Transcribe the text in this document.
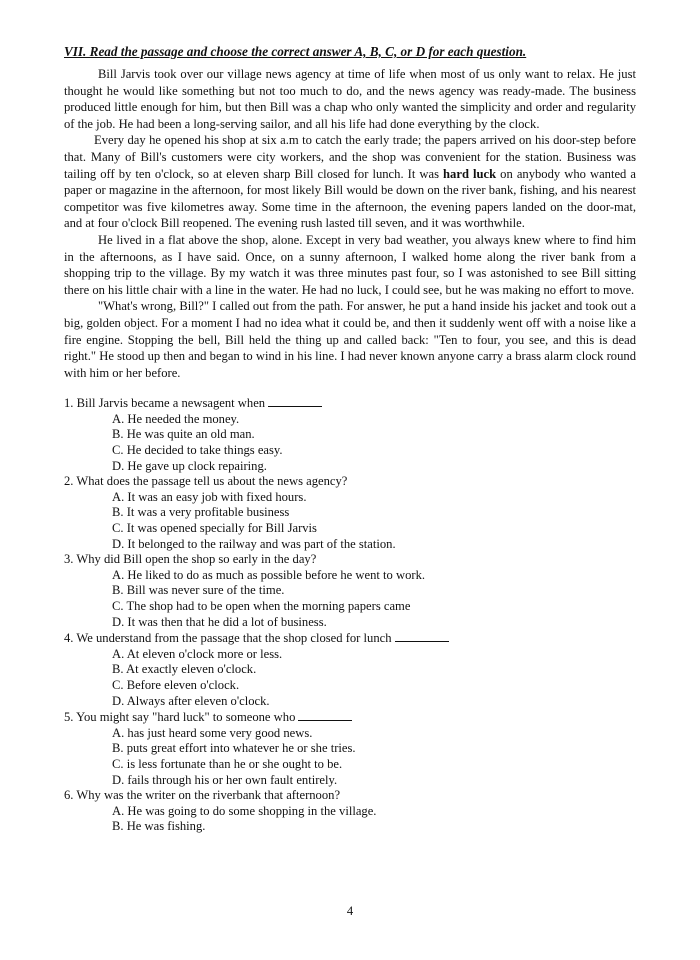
VII. Read the passage and choose the correct answer A, B, C, or D for each question.

Bill Jarvis took over our village news agency at time of life when most of us only want to relax. He just thought he would like something but not too much to do, and the news agency was ready-made. The business produced little enough for him, but then Bill was a chap who only wanted the simplicity and order and regularity of the job. He had been a long-serving sailor, and all his life had done everything by the clock.

Every day he opened his shop at six a.m to catch the early trade; the papers arrived on his door-step before that. Many of Bill's customers were city workers, and the shop was convenient for the station. Business was tailing off by ten o'clock, so at eleven sharp Bill closed for lunch. It was hard luck on anybody who wanted a paper or magazine in the afternoon, for most likely Bill would be down on the river bank, fishing, and his nearest competitor was five kilometres away. Some time in the afternoon, the evening papers landed on the door-mat, and at four o'clock Bill reopened. The evening rush lasted till seven, and it was worthwhile.

He lived in a flat above the shop, alone. Except in very bad weather, you always knew where to find him in the afternoons, as I have said. Once, on a sunny afternoon, I walked home along the river bank from a shopping trip to the village. By my watch it was three minutes past four, so I was astonished to see Bill sitting there on his little chair with a line in the water. He had no luck, I could see, but he was making no effort to move.

"What's wrong, Bill?" I called out from the path. For answer, he put a hand inside his jacket and took out a big, golden object. For a moment I had no idea what it could be, and then it suddenly went off with a noise like a fire engine. Stopping the bell, Bill held the thing up and called back: "Ten to four, you see, and this is dead right." He stood up then and began to wind in his line. I had never known anyone carry a brass alarm clock round with him or her before.

1. Bill Jarvis became a newsagent when

A. He needed the money.

B. He was quite an old man.

C. He decided to take things easy.

D. He gave up clock repairing.

2. What does the passage tell us about the news agency?

A. It was an easy job with fixed hours.

B. It was a very profitable business

C. It was opened specially for Bill Jarvis

D. It belonged to the railway and was part of the station.

3. Why did Bill open the shop so early in the day?

A. He liked to do as much as possible before he went to work.

B. Bill was never sure of the time.

C. The shop had to be open when the morning papers came

D. It was then that he did a lot of business.

4. We understand from the passage that the shop closed for lunch

A. At eleven o'clock more or less.

B. At exactly eleven o'clock.

C. Before eleven o'clock.

D. Always after eleven o'clock.

5. You might say "hard luck" to someone who

A. has just heard some very good news.

B. puts great effort into whatever he or she tries.

C. is less fortunate than he or she ought to be.

D. fails through his or her own fault entirely.

6. Why was the writer on the riverbank that afternoon?

A. He was going to do some shopping in the village.

B. He was fishing.

4
